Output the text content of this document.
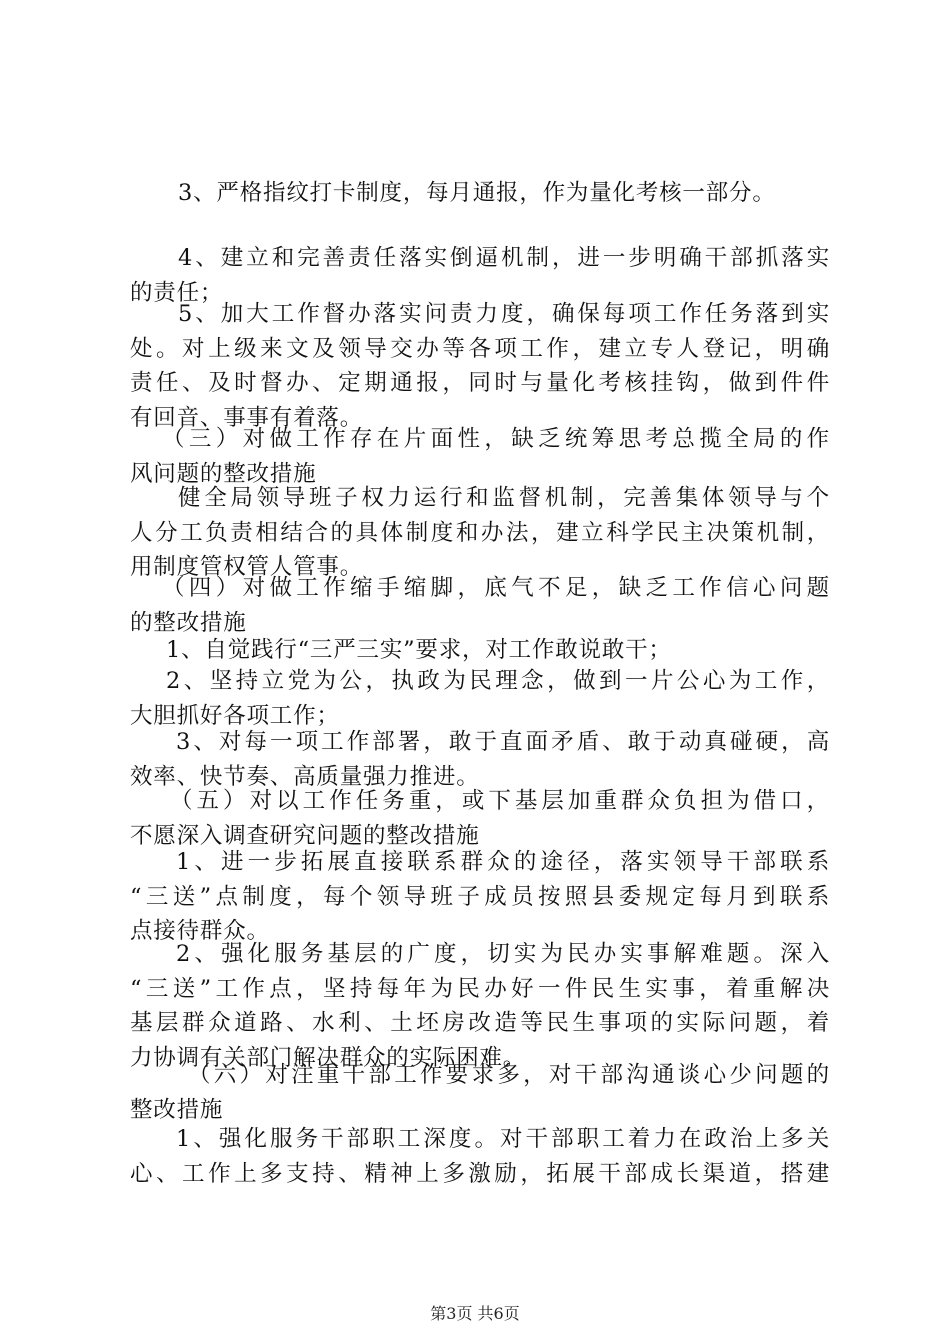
3、严格指纹打卡制度，每月通报，作为量化考核一部分。
4、建立和完善责任落实倒逼机制，进一步明确干部抓落实
的责任；
5、加大工作督办落实问责力度，确保每项工作任务落到实
处。对上级来文及领导交办等各项工作，建立专人登记，明确
责任、及时督办、定期通报，同时与量化考核挂钩，做到件件
有回音、事事有着落。
（三）对做工作存在片面性，缺乏统筹思考总揽全局的作
风问题的整改措施
健全局领导班子权力运行和监督机制，完善集体领导与个
人分工负责相结合的具体制度和办法，建立科学民主决策机制，
用制度管权管人管事。
（四）对做工作缩手缩脚，底气不足，缺乏工作信心问题
的整改措施
1、自觉践行“三严三实”要求，对工作敢说敢干；
2、坚持立党为公，执政为民理念，做到一片公心为工作，
大胆抓好各项工作；
3、对每一项工作部署，敢于直面矛盾、敢于动真碰硬，高
效率、快节奏、高质量强力推进。
（五）对以工作任务重，或下基层加重群众负担为借口，
不愿深入调查研究问题的整改措施
1、进一步拓展直接联系群众的途径，落实领导干部联系
“三送”点制度，每个领导班子成员按照县委规定每月到联系
点接待群众。
2、强化服务基层的广度，切实为民办实事解难题。深入
“三送”工作点，坚持每年为民办好一件民生实事，着重解决
基层群众道路、水利、土坯房改造等民生事项的实际问题，着
力协调有关部门解决群众的实际困难。
（六）对注重干部工作要求多，对干部沟通谈心少问题的
整改措施
1、强化服务干部职工深度。对干部职工着力在政治上多关
心、工作上多支持、精神上多激励，拓展干部成长渠道，搭建
第3页 共6页
